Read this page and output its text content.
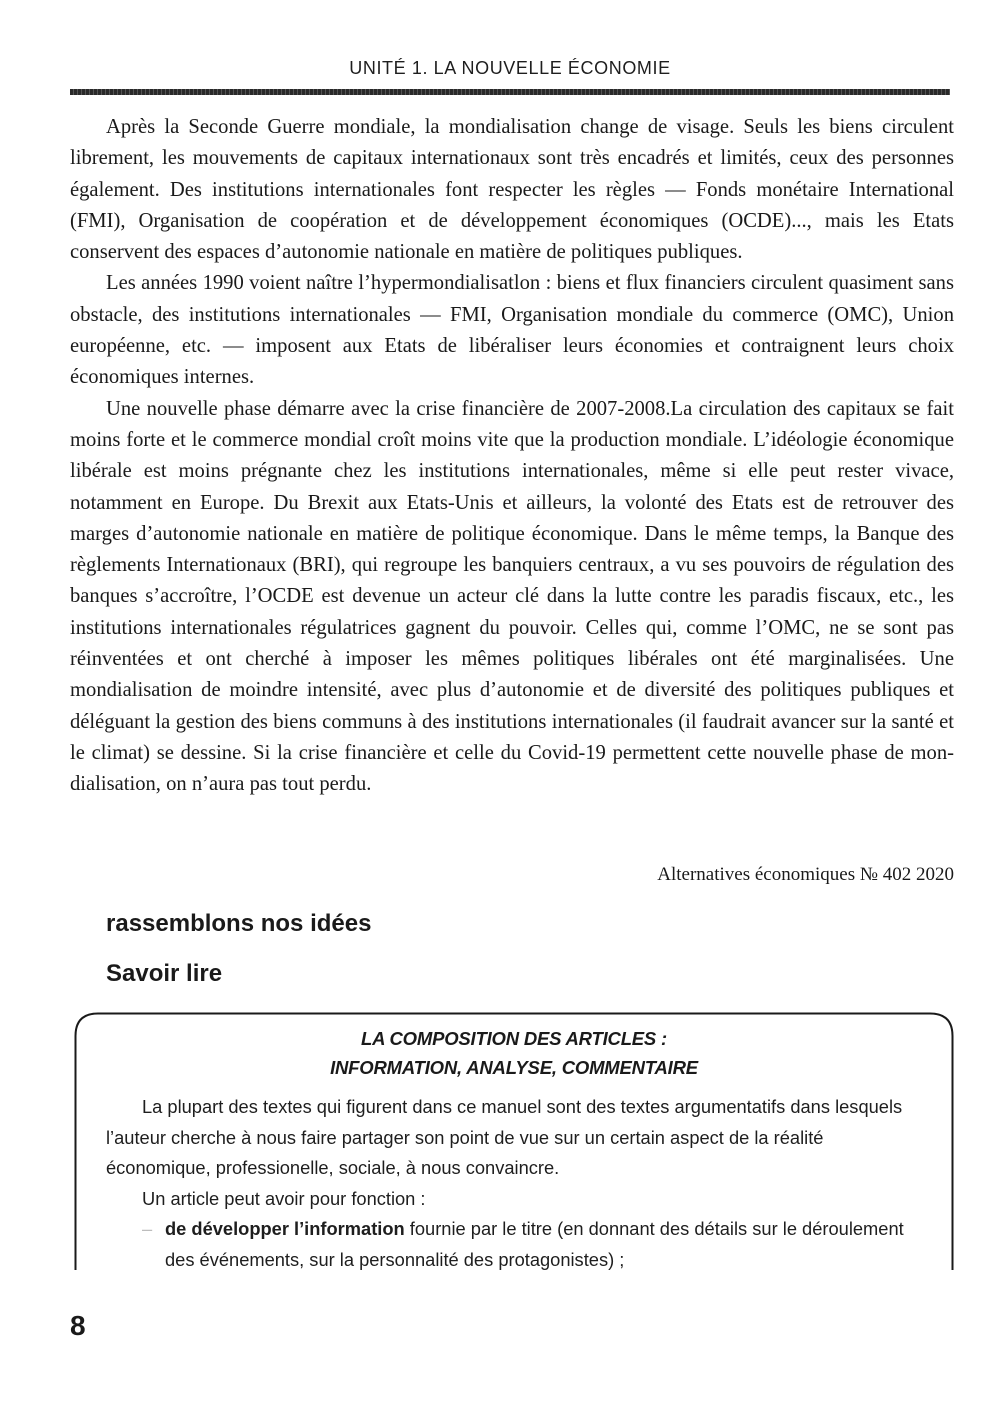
UNITÉ 1. LA NOUVELLE ÉCONOMIE

Après la Seconde Guerre mondiale, la mondialisation change de visage. Seuls les biens circulent librement, les mouvements de capitaux internationaux sont très encadrés et limités, ceux des personnes également. Des institutions internationales font respecter les règles — Fonds monétaire International (FMI), Organisation de coopération et de développement économiques (OCDE)..., mais les Etats conservent des espaces d’autonomie nationale en matière de politiques publiques.

Les années 1990 voient naître l’hypermondialisatlon : biens et flux financiers circulent quasiment sans obstacle, des institutions internationales — FMI, Organisation mondiale du commerce (OMC), Union européenne, etc. — imposent aux Etats de libéraliser leurs économies et contraignent leurs choix économiques internes.

Une nouvelle phase démarre avec la crise financière de 2007-2008.La circulation des capitaux se fait moins forte et le commerce mondial croît moins vite que la production mondiale. L’idéologie économique libérale est moins prégnante chez les institutions internationales, même si elle peut rester vivace, notamment en Europe. Du Brexit aux Etats-Unis et ailleurs, la volonté des Etats est de retrouver des marges d’autonomie nationale en matière de politique économique. Dans le même temps, la Banque des règlements Internationaux (BRI), qui regroupe les banquiers centraux, a vu ses pouvoirs de régulation des banques s’accroître, l’OCDE est devenue un acteur clé dans la lutte contre les paradis fiscaux, etc., les institutions internationales régulatrices gagnent du pouvoir. Celles qui, comme l’OMC, ne se sont pas réinventées et ont cherché à imposer les mêmes politiques libérales ont été marginalisées. Une mondialisation de moindre intensité, avec plus d’autonomie et de diversité des politiques publiques et déléguant la gestion des biens communs à des institutions internationales (il faudrait avancer sur la santé et le climat) se dessine. Si la crise financière et celle du Covid-19 permettent cette nouvelle phase de mondialisation, on n’aura pas tout perdu.

Alternatives économiques № 402 2020
rassemblons nos idées
Savoir lire
LA COMPOSITION DES ARTICLES :
INFORMATION, ANALYSE, COMMENTAIRE

La plupart des textes qui figurent dans ce manuel sont des textes argumentatifs dans lesquels l’auteur cherche à nous faire partager son point de vue sur un certain aspect de la réalité économique, professionelle, sociale, à nous convaincre.

Un article peut avoir pour fonction :

– de développer l’information fournie par le titre (en donnant des détails sur le déroulement des événements, sur la personnalité des protagonistes) ;

8
